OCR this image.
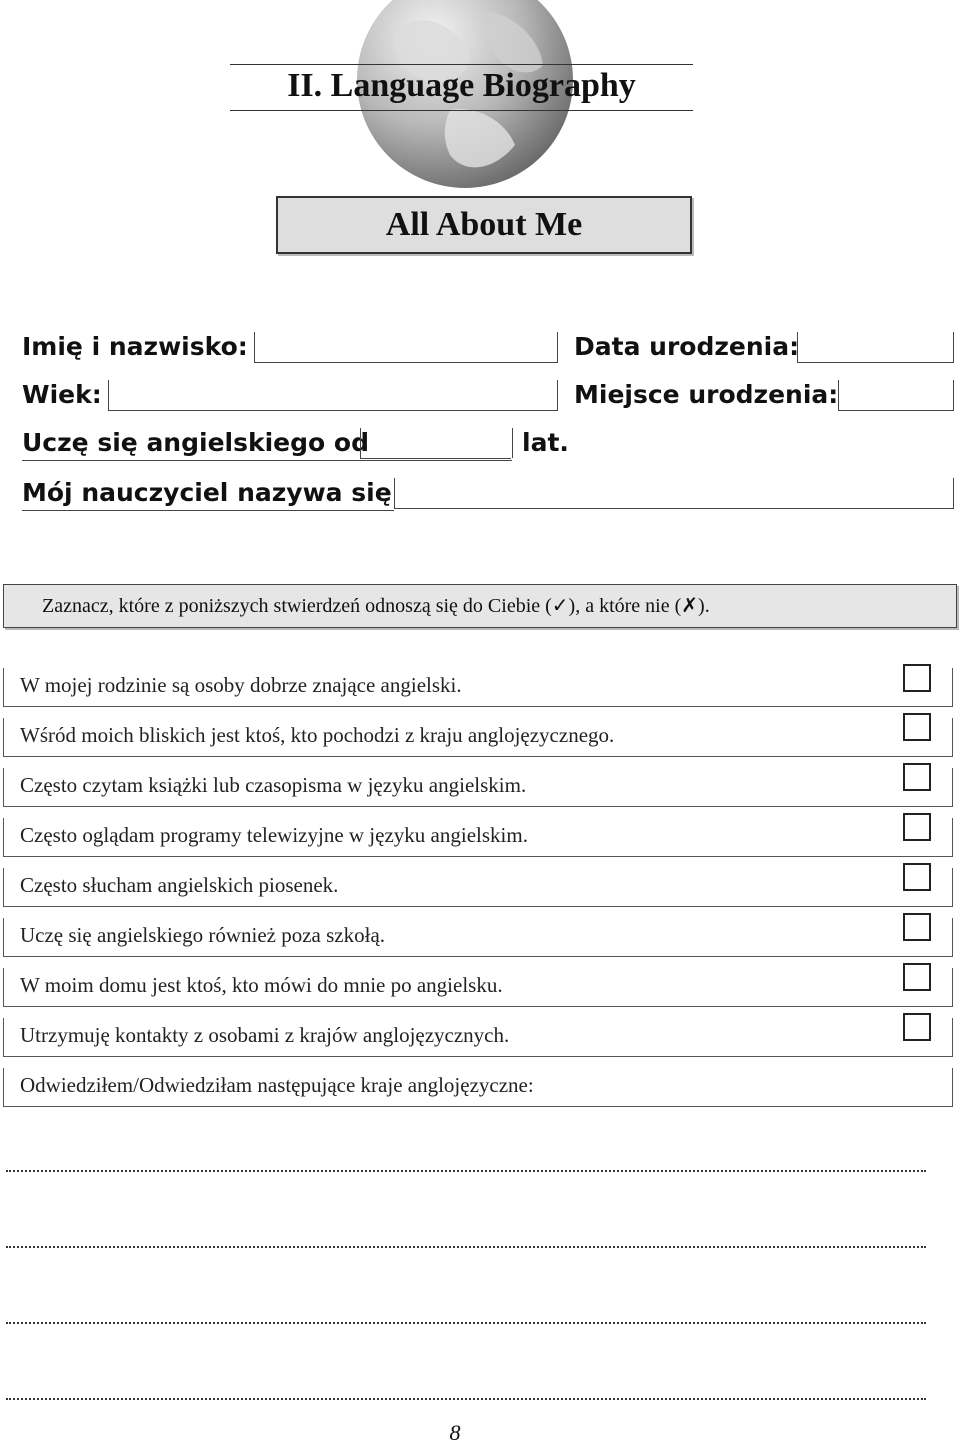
II. Language Biography
All About Me
Imię i nazwisko:	Data urodzenia:
Wiek:	Miejsce urodzenia:
Uczę się angielskiego od	lat.
Mój nauczyciel nazywa się
Zaznacz, które z poniższych stwierdzeń odnoszą się do Ciebie (✓), a które nie (✗).
W mojej rodzinie są osoby dobrze znające angielski.
Wśród moich bliskich jest ktoś, kto pochodzi z kraju anglojęzycznego.
Często czytam książki lub czasopisma w języku angielskim.
Często oglądam programy telewizyjne w języku angielskim.
Często słucham angielskich piosenek.
Uczę się angielskiego również poza szkołą.
W moim domu jest ktoś, kto mówi do mnie po angielsku.
Utrzymuję kontakty z osobami z krajów anglojęzycznych.
Odwiedziłem/Odwiedziłam następujące kraje anglojęzyczne:
8
